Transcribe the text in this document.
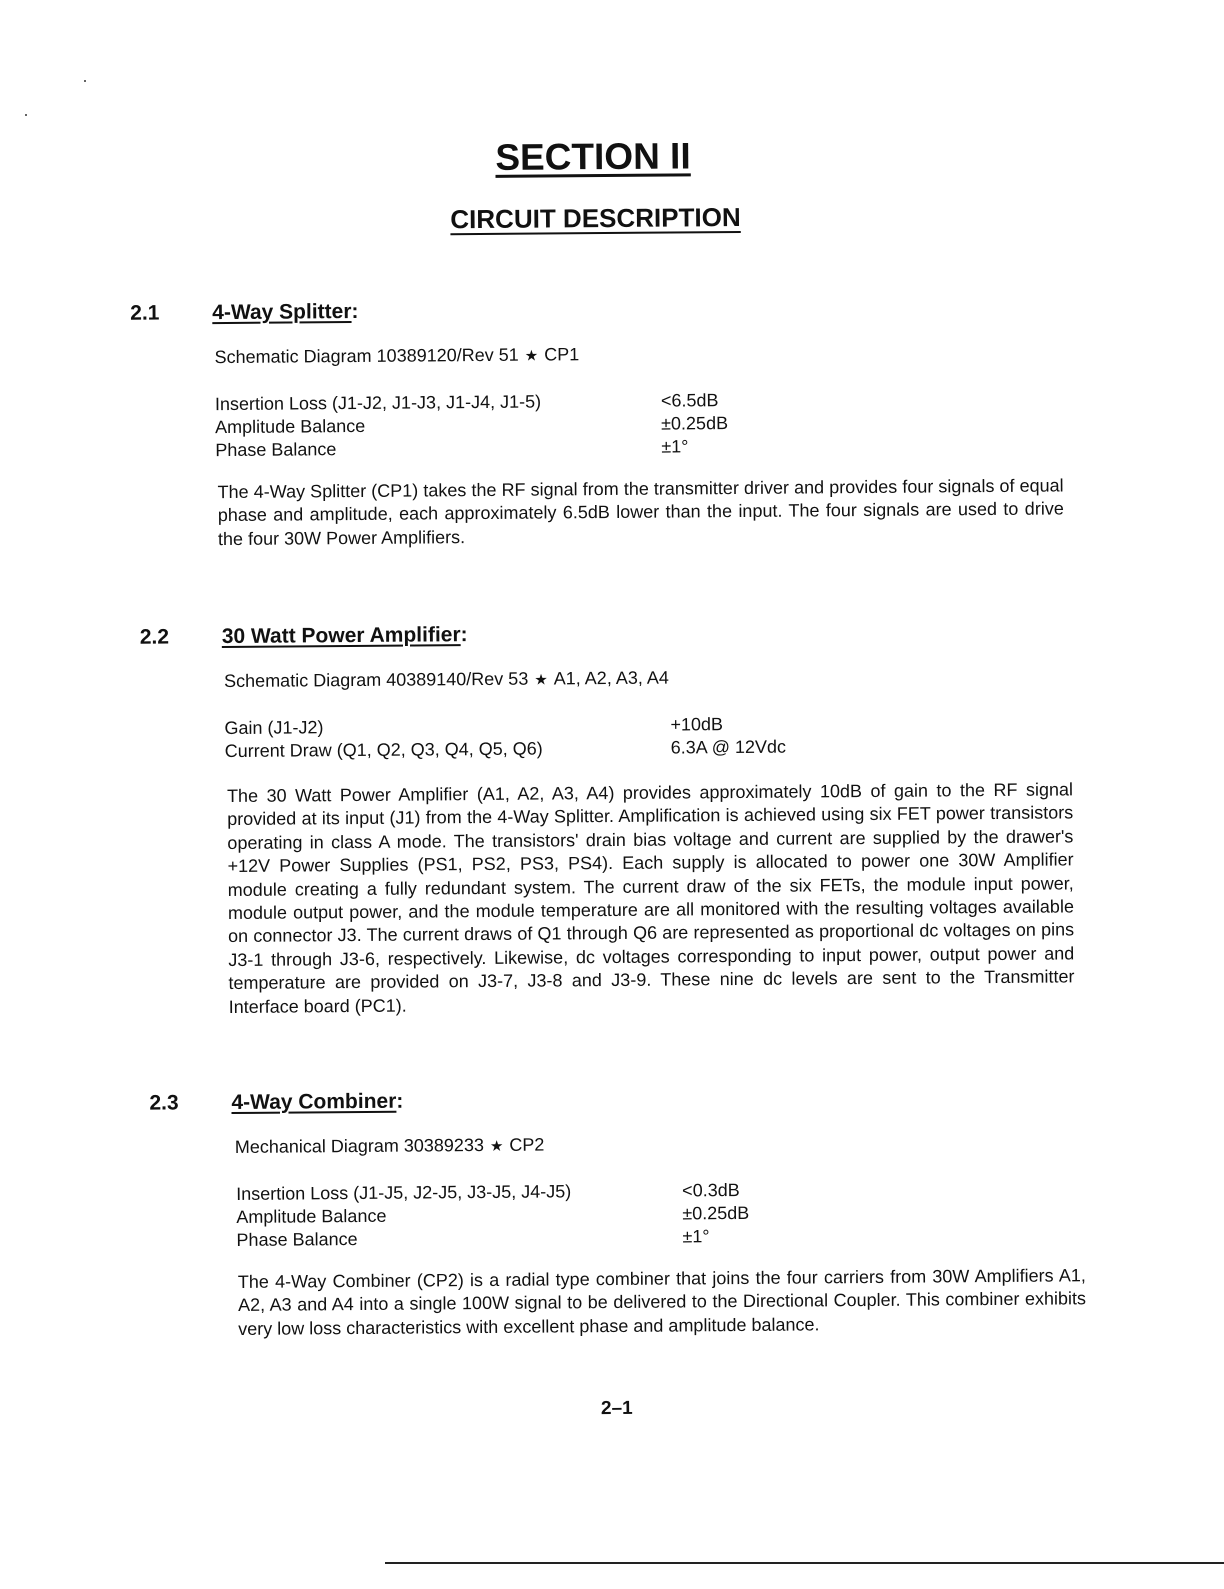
SECTION II
CIRCUIT DESCRIPTION
2.1	4-Way Splitter:
Schematic Diagram 10389120/Rev 51 ★ CP1
Insertion Loss (J1-J2, J1-J3, J1-J4, J1-5)	<6.5dB
Amplitude Balance	±0.25dB
Phase Balance	±1°
The 4-Way Splitter (CP1) takes the RF signal from the transmitter driver and provides four signals of equal phase and amplitude, each approximately 6.5dB lower than the input. The four signals are used to drive the four 30W Power Amplifiers.
2.2	30 Watt Power Amplifier:
Schematic Diagram 40389140/Rev 53 ★ A1, A2, A3, A4
Gain (J1-J2)	+10dB
Current Draw (Q1, Q2, Q3, Q4, Q5, Q6)	6.3A @ 12Vdc
The 30 Watt Power Amplifier (A1, A2, A3, A4) provides approximately 10dB of gain to the RF signal provided at its input (J1) from the 4-Way Splitter. Amplification is achieved using six FET power transistors operating in class A mode. The transistors' drain bias voltage and current are supplied by the drawer's +12V Power Supplies (PS1, PS2, PS3, PS4). Each supply is allocated to power one 30W Amplifier module creating a fully redundant system. The current draw of the six FETs, the module input power, module output power, and the module temperature are all monitored with the resulting voltages available on connector J3. The current draws of Q1 through Q6 are represented as proportional dc voltages on pins J3-1 through J3-6, respectively. Likewise, dc voltages corresponding to input power, output power and temperature are provided on J3-7, J3-8 and J3-9. These nine dc levels are sent to the Transmitter Interface board (PC1).
2.3	4-Way Combiner:
Mechanical Diagram 30389233 ★ CP2
Insertion Loss (J1-J5, J2-J5, J3-J5, J4-J5)	<0.3dB
Amplitude Balance	±0.25dB
Phase Balance	±1°
The 4-Way Combiner (CP2) is a radial type combiner that joins the four carriers from 30W Amplifiers A1, A2, A3 and A4 into a single 100W signal to be delivered to the Directional Coupler. This combiner exhibits very low loss characteristics with excellent phase and amplitude balance.
2–1
